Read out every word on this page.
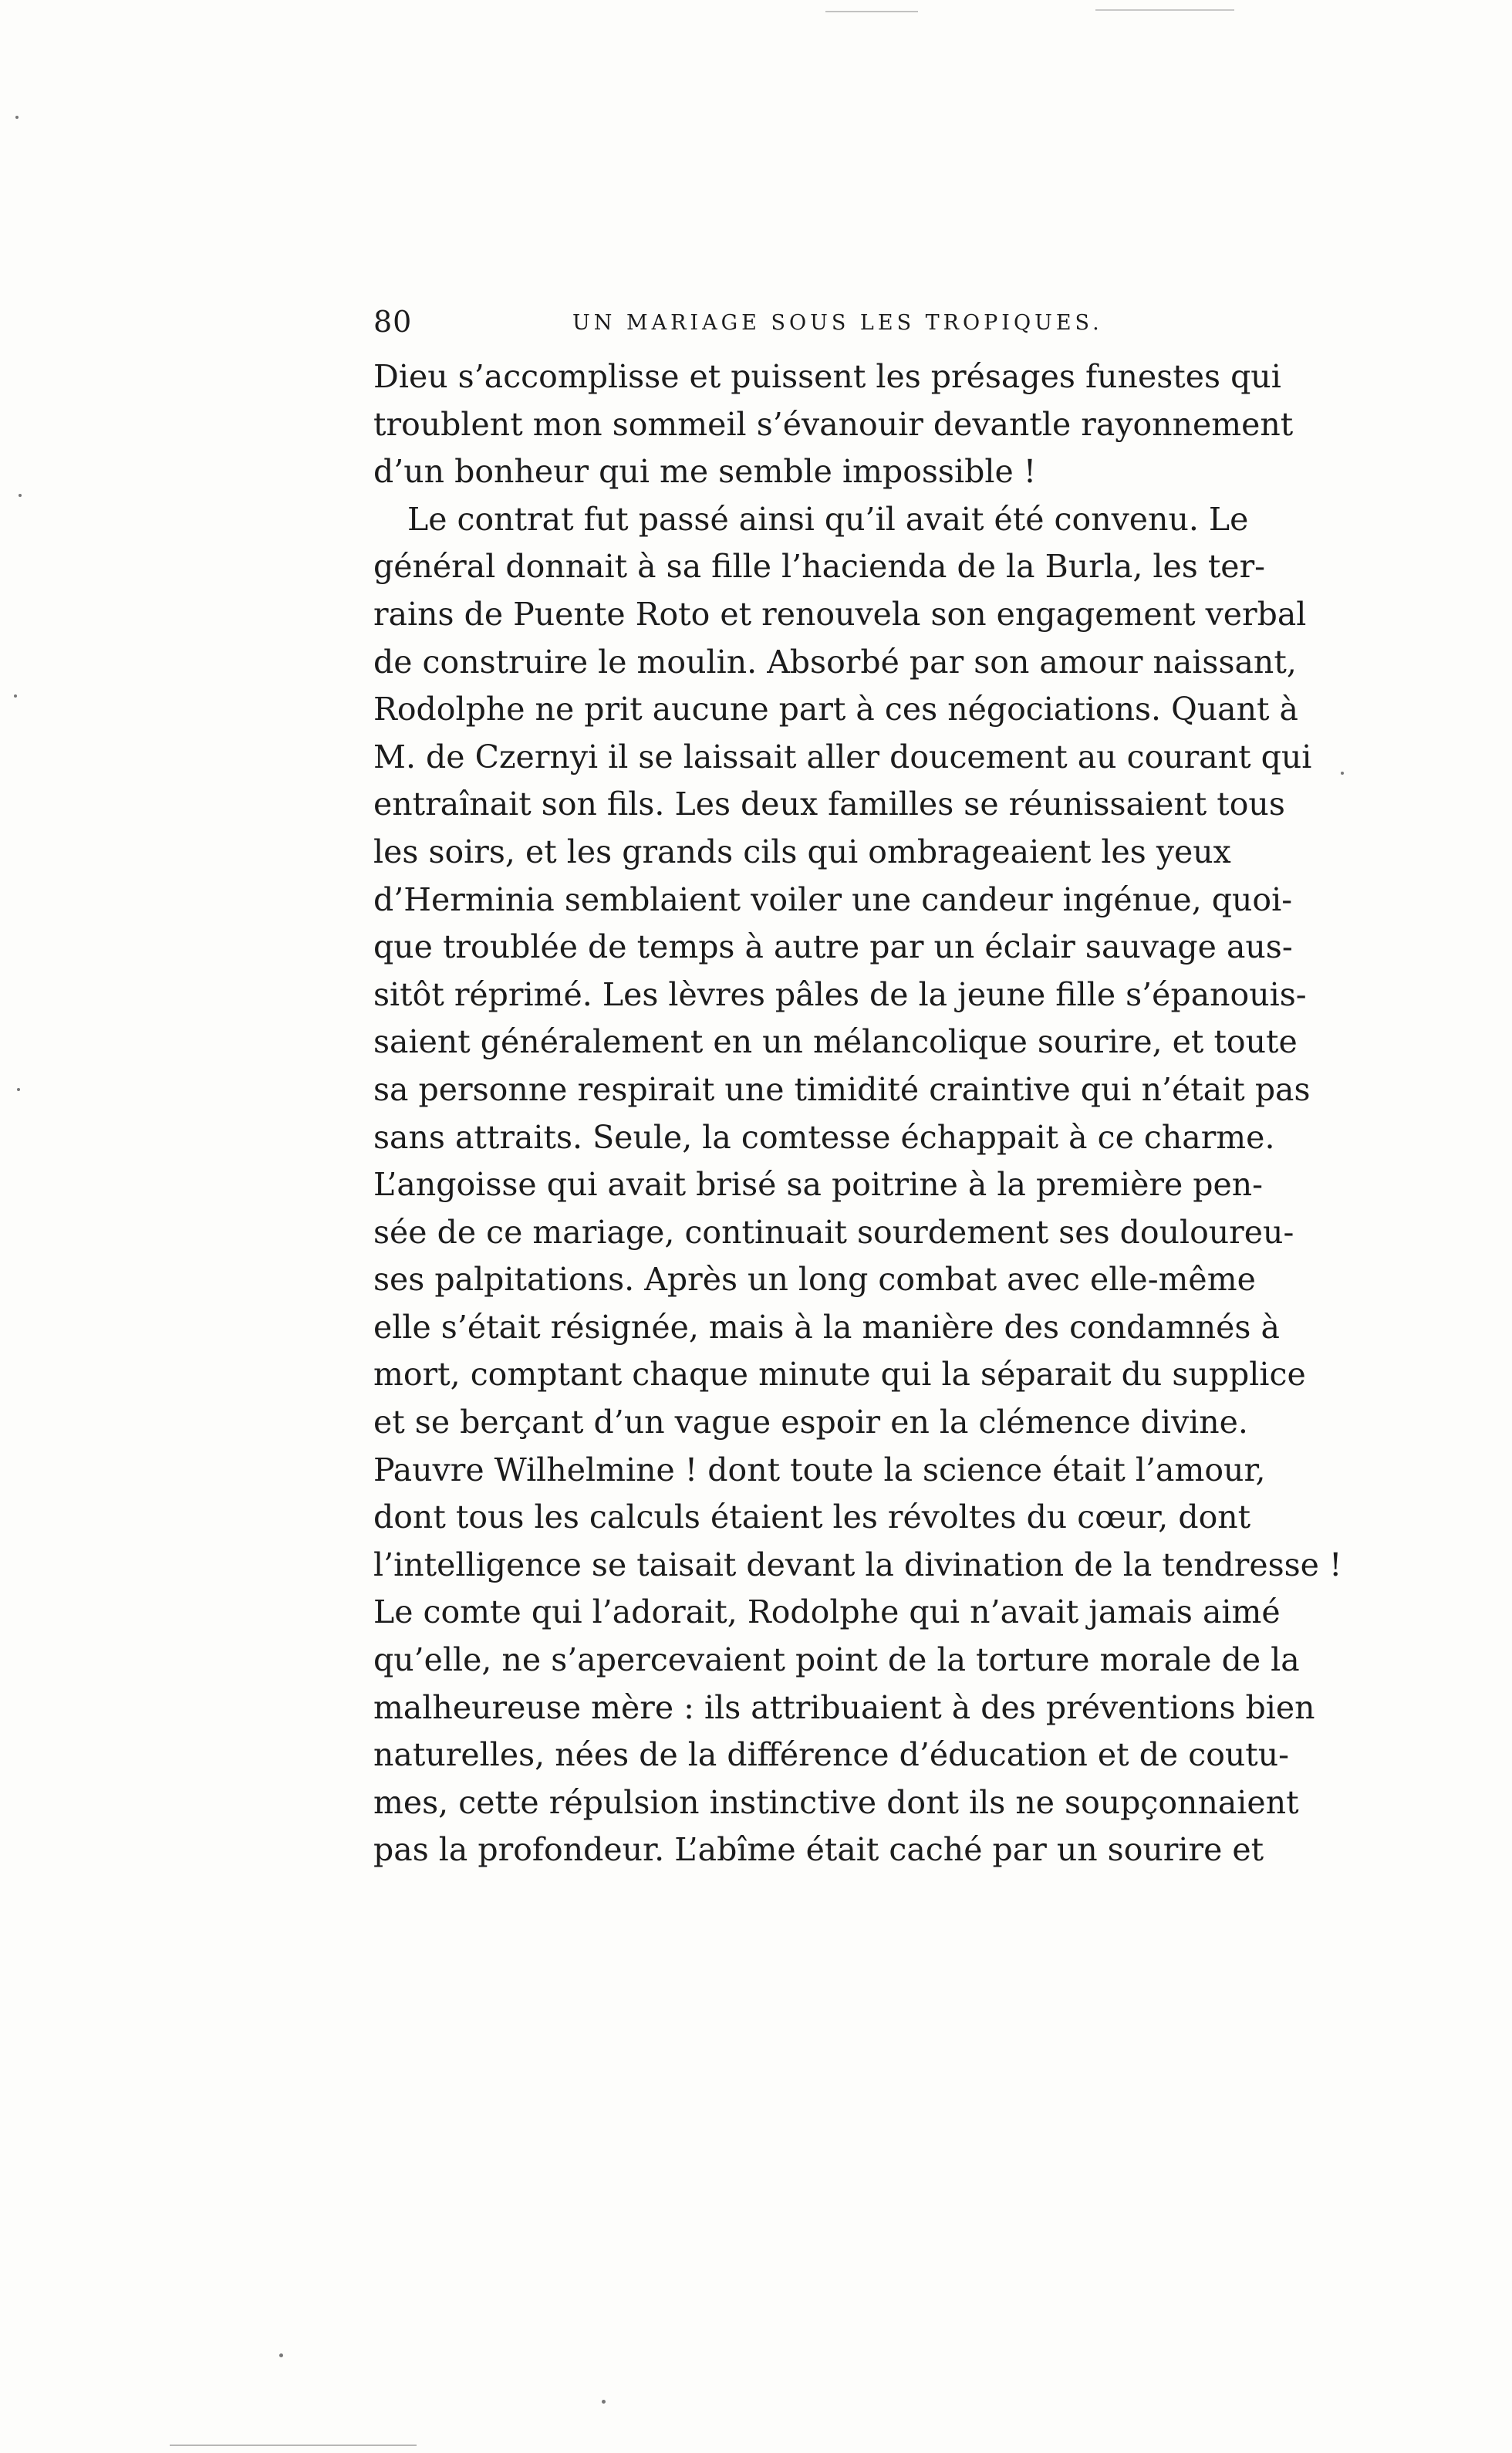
80	UN MARIAGE SOUS LES TROPIQUES.
Dieu s’accomplisse et puissent les présages funestes qui
troublent mon sommeil s’évanouir devantle rayonnement
d’un bonheur qui me semble impossible !
Le contrat fut passé ainsi qu’il avait été convenu. Le
général donnait à sa fille l’hacienda de la Burla, les ter-
rains de Puente Roto et renouvela son engagement verbal
de construire le moulin. Absorbé par son amour naissant,
Rodolphe ne prit aucune part à ces négociations. Quant à
M. de Czernyi il se laissait aller doucement au courant qui
entraînait son fils. Les deux familles se réunissaient tous
les soirs, et les grands cils qui ombrageaient les yeux
d’Herminia semblaient voiler une candeur ingénue, quoi-
que troublée de temps à autre par un éclair sauvage aus-
sitôt réprimé. Les lèvres pâles de la jeune fille s’épanouis-
saient généralement en un mélancolique sourire, et toute
sa personne respirait une timidité craintive qui n’était pas
sans attraits. Seule, la comtesse échappait à ce charme.
L’angoisse qui avait brisé sa poitrine à la première pen-
sée de ce mariage, continuait sourdement ses douloureu-
ses palpitations. Après un long combat avec elle-même
elle s’était résignée, mais à la manière des condamnés à
mort, comptant chaque minute qui la séparait du supplice
et se berçant d’un vague espoir en la clémence divine.
Pauvre Wilhelmine ! dont toute la science était l’amour,
dont tous les calculs étaient les révoltes du cœur, dont
l’intelligence se taisait devant la divination de la tendresse !
Le comte qui l’adorait, Rodolphe qui n’avait jamais aimé
qu’elle, ne s’apercevaient point de la torture morale de la
malheureuse mère : ils attribuaient à des préventions bien
naturelles, nées de la différence d’éducation et de coutu-
mes, cette répulsion instinctive dont ils ne soupçonnaient
pas la profondeur. L’abîme était caché par un sourire et
